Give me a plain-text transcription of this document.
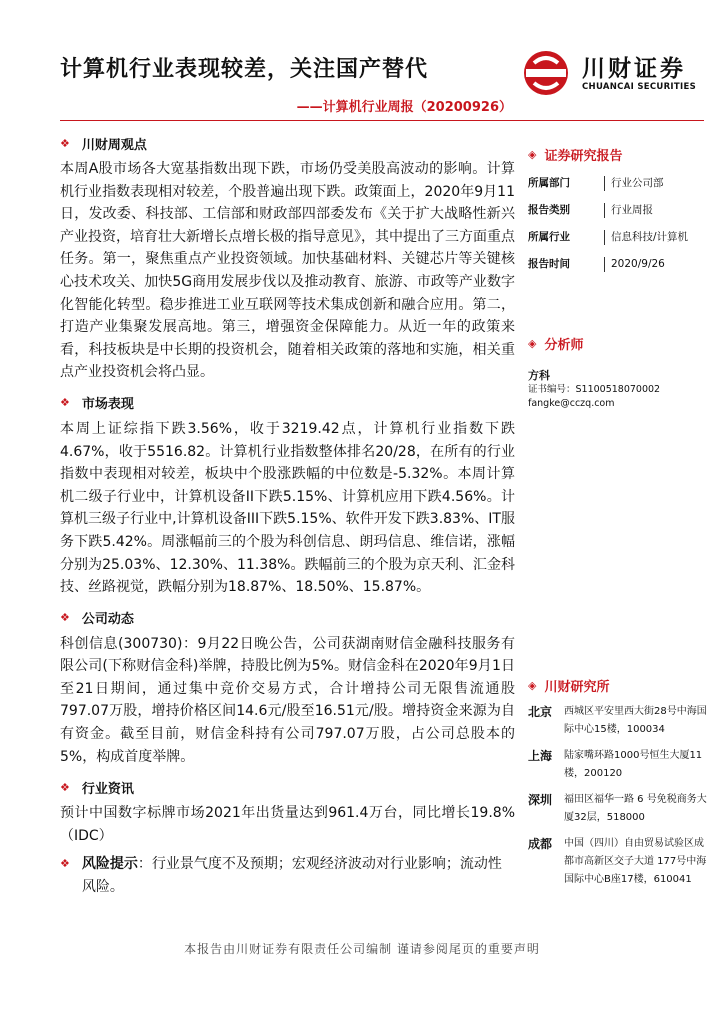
计算机行业表现较差，关注国产替代
——计算机行业周报（20200926）
川财证券
CHUANCAI SECURITIES
❖ 川财周观点

本周A股市场各大宽基指数出现下跌，市场仍受美股高波动的影响。计算机行业指数表现相对较差，个股普遍出现下跌。政策面上，2020年9月11日，发改委、科技部、工信部和财政部四部委发布《关于扩大战略性新兴产业投资，培育壮大新增长点增长极的指导意见》，其中提出了三方面重点任务。第一，聚焦重点产业投资领域。加快基础材料、关键芯片等关键核心技术攻关、加快5G商用发展步伐以及推动教育、旅游、市政等产业数字化智能化转型。稳步推进工业互联网等技术集成创新和融合应用。第二，打造产业集聚发展高地。第三，增强资金保障能力。从近一年的政策来看，科技板块是中长期的投资机会，随着相关政策的落地和实施，相关重点产业投资机会将凸显。

❖ 市场表现

本周上证综指下跌3.56%，收于3219.42点，计算机行业指数下跌4.67%，收于5516.82。计算机行业指数整体排名20/28，在所有的行业指数中表现相对较差，板块中个股涨跌幅的中位数是-5.32%。本周计算机二级子行业中，计算机设备II下跌5.15%、计算机应用下跌4.56%。计算机三级子行业中,计算机设备III下跌5.15%、软件开发下跌3.83%、IT服务下跌5.42%。周涨幅前三的个股为科创信息、朗玛信息、维信诺，涨幅分别为25.03%、12.30%、11.38%。跌幅前三的个股为京天利、汇金科技、丝路视觉，跌幅分别为18.87%、18.50%、15.87%。

❖ 公司动态

科创信息(300730)：9月22日晚公告，公司获湖南财信金融科技服务有限公司(下称财信金科)举牌，持股比例为5%。财信金科在2020年9月1日至21日期间，通过集中竞价交易方式，合计增持公司无限售流通股797.07万股，增持价格区间14.6元/股至16.51元/股。增持资金来源为自有资金。截至目前，财信金科持有公司797.07万股，占公司总股本的5%，构成首度举牌。

❖ 行业资讯

预计中国数字标牌市场2021年出货量达到961.4万台，同比增长19.8%（IDC）

❖ 风险提示：行业景气度不及预期；宏观经济波动对行业影响；流动性风险。
◈ 证券研究报告
所属部门	行业公司部
报告类别	行业周报
所属行业	信息科技/计算机
报告时间	2020/9/26
◈ 分析师
方科
证书编号：S1100518070002
fangke@cczq.com
◈ 川财研究所
北京	西城区平安里西大街28号中海国际中心15楼，100034
上海	陆家嘴环路1000号恒生大厦11楼，200120
深圳	福田区福华一路 6 号免税商务大厦32层，518000
成都	中国（四川）自由贸易试验区成都市高新区交子大道 177号中海国际中心B座17楼，610041
本报告由川财证券有限责任公司编制 谨请参阅尾页的重要声明
